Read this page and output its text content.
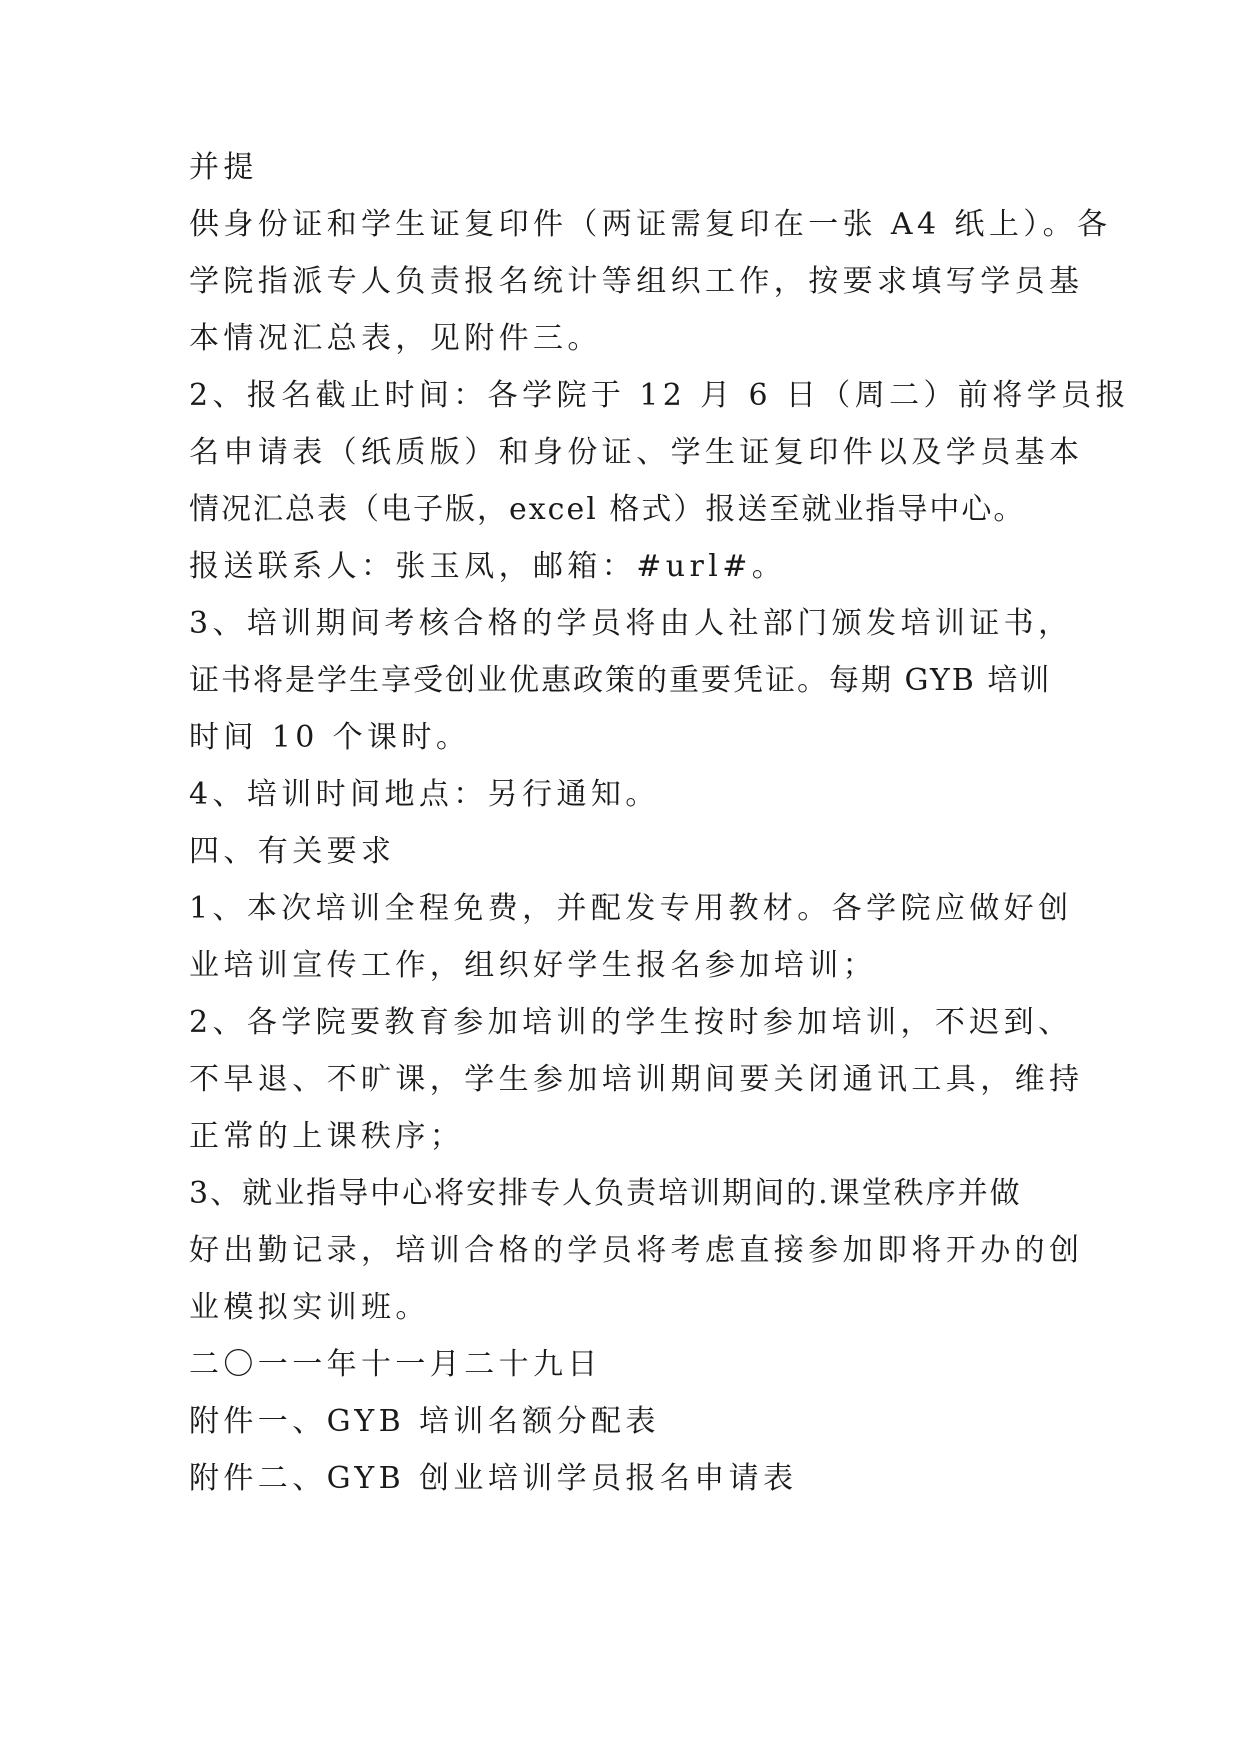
并提
供身份证和学生证复印件（两证需复印在一张 A4 纸上）。各
学院指派专人负责报名统计等组织工作，按要求填写学员基
本情况汇总表，见附件三。
2、报名截止时间：各学院于 12 月 6 日（周二）前将学员报
名申请表（纸质版）和身份证、学生证复印件以及学员基本
情况汇总表（电子版，excel 格式）报送至就业指导中心。
报送联系人：张玉凤，邮箱：#url#。
3、培训期间考核合格的学员将由人社部门颁发培训证书，
证书将是学生享受创业优惠政策的重要凭证。每期 GYB 培训
时间 10 个课时。
4、培训时间地点：另行通知。
四、有关要求
1、本次培训全程免费，并配发专用教材。各学院应做好创
业培训宣传工作，组织好学生报名参加培训；
2、各学院要教育参加培训的学生按时参加培训，不迟到、
不早退、不旷课，学生参加培训期间要关闭通讯工具，维持
正常的上课秩序；
3、就业指导中心将安排专人负责培训期间的.课堂秩序并做
好出勤记录，培训合格的学员将考虑直接参加即将开办的创
业模拟实训班。
二〇一一年十一月二十九日
附件一、GYB 培训名额分配表
附件二、GYB 创业培训学员报名申请表
